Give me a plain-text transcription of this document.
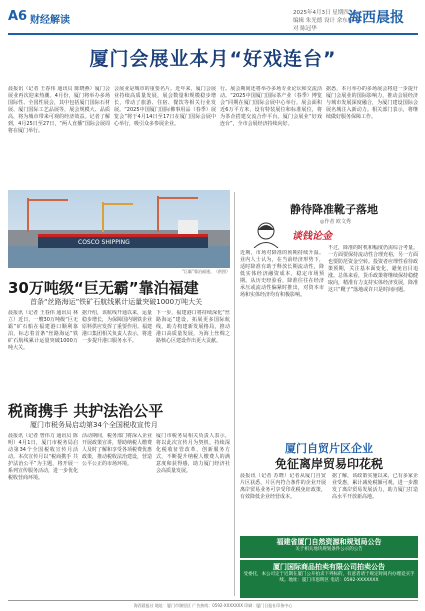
A6 财经解读
2025年4月3日 星期四
编辑 朱光德 设计 余东梅 校对 陈冠华
海西晨报
厦门会展业本月“好戏连台”
晨报讯（记者 王春伟 通讯员 陈晓燕）厦门会展业再次迎来热潮。4月份，厦门将举办多场国际性、全国性展会，其中包括厦门国际石材展、厦门国际工艺品展等，展会规模大、品质高，将为城市带来可观的经济效益。记者了解到，4月25日至27日，“两人直播”国际会展周将在厦门举行。
会展业是城市的重要名片。近年来，厦门会展业持续高质量发展，展会数量和规模稳步增长，带动了旅游、住宿、餐饮等相关行业发展。“2025中国厦门国际佛事用品（春季）展览会”将于4月14日至17日在厦门国际会展中心举行，吸引众多参展企业。
行。展会期间还将举办多场专业论坛和交流活动。“2025中国厦门国际茶产业（春季）博览会”同期在厦门国际会展中心举行，展会面积近6万平方米，设有特装展位和标准展位，将为茶企搭建交流合作平台。厦门会展业“好戏连台”，全市会展经济持续向好。
据悉，本月举办的多场展会将进一步提升厦门会展业的国际影响力，推动会展经济与城市发展深度融合，为厦门建设国际会展名城注入新动力。相关部门表示，将继续做好服务保障工作。
COSCO SHIPPING
“巨霸”靠泊福建。（供图）
30万吨级“巨无霸”靠泊福建
首条“丝路海运”铁矿石航线累计运量突破1000万吨大关
晨报讯（记者 王春伟 通讯员 林立）近日，一艘30万吨级“巨无霸”矿石船在福建港口顺利靠泊，标志着首条“丝路海运”铁矿石航线累计运量突破1000万吨大关。
据介绍，该航线开通以来，运量稳步增长，为保障国内钢铁企业原料供应发挥了重要作用。福建港口集团相关负责人表示，将进一步提升港口服务水平。
下一步，福建港口将持续深化“丝路海运”建设，拓展更多国际航线，助力构建新发展格局，推动港口高质量发展，为海上丝绸之路核心区建设作出更大贡献。
税商携手 共护法治公平
厦门市税务局启动第34个全国税收宣传月
晨报讯（记者 曾伟力 通讯员 陈明）4月1日，厦门市税务局启动第34个全国税收宣传月活动。本次宣传月以“税商携手 共护法治公平”为主题，将开展一系列宣传服务活动，进一步优化税收营商环境。
活动期间，税务部门将深入企业开展政策宣讲，帮助纳税人缴费人及时了解和享受各项税费优惠政策，推动税收法治建设，营造公平公正的市场环境。
厦门市税务局相关负责人表示，将以此次宣传月为契机，持续深化税收征管改革，创新服务方式，不断提升纳税人缴费人的满意度和获得感，助力厦门经济社会高质量发展。
静待降准靴子落地
◎作者 欧文秀
谈钱论金
近期，市场对降准的预期持续升温。业内人士认为，在当前经济形势下，适时降准有助于释放长期流动性，降低实体经济融资成本，稳定市场预期。从历史经验看，降准往往在经济承压或流动性偏紧时推出，对资本市场和实体经济均有积极影响。
不过，降准的时机和幅度仍需综合考量。一方面要保持流动性合理充裕，另一方面也要防范资金空转。投资者应理性看待政策预期，关注基本面变化，避免盲目追涨。总体来看，货币政策将继续保持稳健取向，精准有力支持实体经济发展，降准这只“靴子”落地或许只是时间问题。
厦门自贸片区企业
免征离岸贸易印花税
晨报讯（记者 苏晓）记者从厦门自贸片区获悉，片区内符合条件的企业开展离岸贸易业务可享受印花税免征政策，有效降低企业经营成本。
据了解，该政策实施以来，已有多家企业受惠，累计减免税额可观，进一步激发了离岸贸易发展活力，助力厦门打造高水平开放新高地。
福建省厦门自然资源和规划局公告
关于相关地块规划条件公示的公告
厦门国际商品拍卖有限公司拍卖公告
受委托，本公司定于近期在厦门公开拍卖下列标的，有意者请于规定时间内办理竞买手续。地址：厦门市思明区 电话：0592-XXXXXXX
海西晨报社 地址：厦门市湖里区 广告热线：0592-XXXXXXX 印刷：厦门日报社印务中心
